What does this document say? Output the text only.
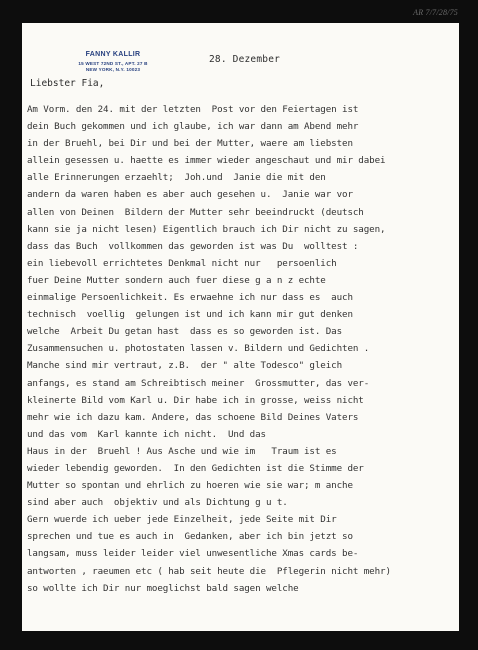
AR 7/7/28/75
FANNY KALLIR
15 WEST 72ND ST., APT. 27 B
NEW YORK, N.Y. 10023
28. Dezember
Liebster Fia,
Am Vorm. den 24. mit der letzten  Post vor den Feiertagen ist
dein Buch gekommen und ich glaube, ich war dann am Abend mehr
in der Bruehl, bei Dir und bei der Mutter, waere am liebsten
allein gesessen u. haette es immer wieder angeschaut und mir dabei
alle Erinnerungen erzaehlt;  Joh.und  Janie die mit den
andern da waren haben es aber auch gesehen u.  Janie war vor
allen von Deinen  Bildern der Mutter sehr beeindruckt (deutsch
kann sie ja nicht lesen) Eigentlich brauch ich Dir nicht zu sagen,
dass das Buch  vollkommen das geworden ist was Du  wolltest :
ein liebevoll errichtetes Denkmal nicht nur   persoenlich
fuer Deine Mutter sondern auch fuer diese g a n z echte
einmalige Persoenlichkeit. Es erwaehne ich nur dass es  auch
technisch  voellig  gelungen ist und ich kann mir gut denken
welche  Arbeit Du getan hast  dass es so geworden ist. Das
Zusammensuchen u. photostaten lassen v. Bildern und Gedichten .
Manche sind mir vertraut, z.B.  der " alte Todesco" gleich
anfangs, es stand am Schreibtisch meiner  Grossmutter, das ver-
kleinerte Bild vom Karl u. Dir habe ich in grosse, weiss nicht
mehr wie ich dazu kam. Andere, das schoene Bild Deines Vaters
und das vom  Karl kannte ich nicht.  Und das
Haus in der  Bruehl ! Aus Asche und wie im   Traum ist es
wieder lebendig geworden.  In den Gedichten ist die Stimme der
Mutter so spontan und ehrlich zu hoeren wie sie war; m anche
sind aber auch  objektiv und als Dichtung g u t.
Gern wuerde ich ueber jede Einzelheit, jede Seite mit Dir
sprechen und tue es auch in  Gedanken, aber ich bin jetzt so
langsam, muss leider leider viel unwesentliche Xmas cards be-
antworten , raeumen etc ( hab seit heute die  Pflegerin nicht mehr)
so wollte ich Dir nur moeglichst bald sagen welche
